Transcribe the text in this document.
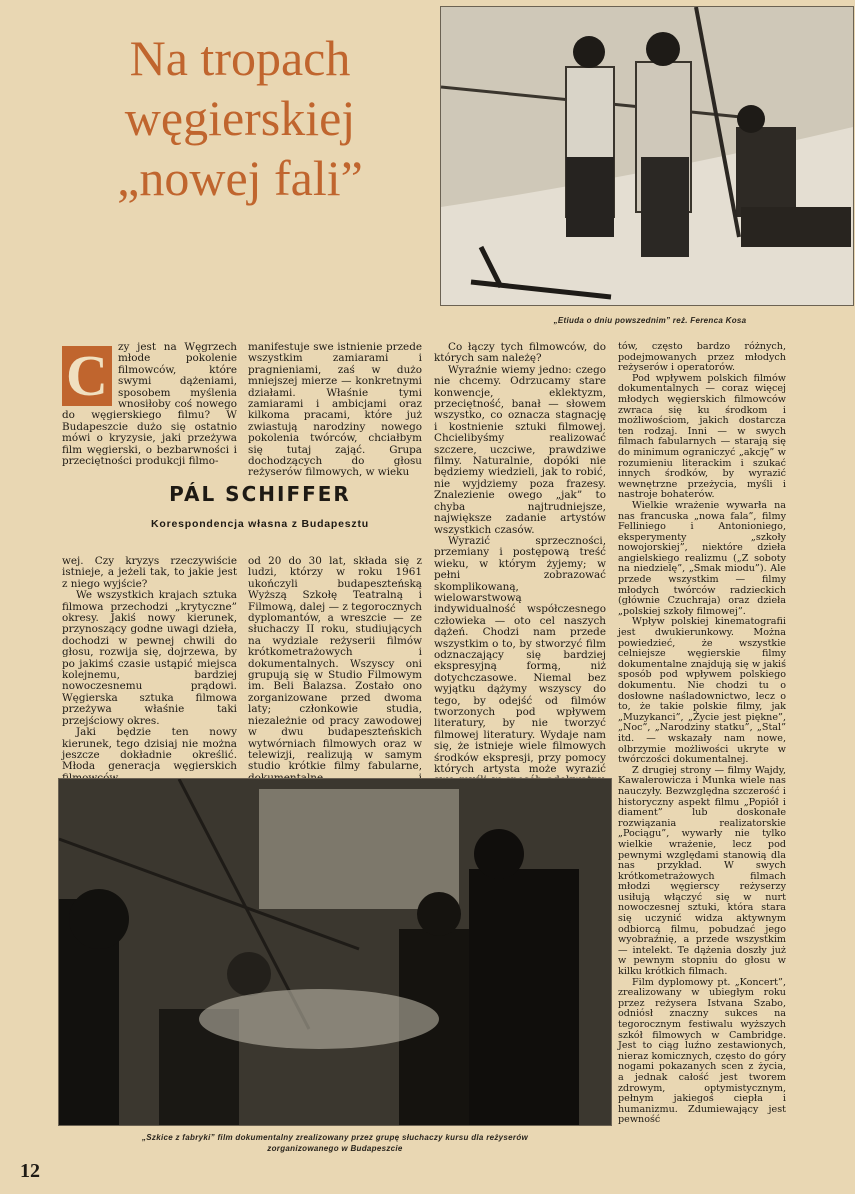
Na tropach
węgierskiej
„nowej fali”

„Etiuda o dniu powszednim” reż. Ferenca Kosa

C zy jest na Węgrzech młode pokolenie filmowców, które swymi dążeniami, sposobem myślenia wnosiłoby coś nowego do węgierskiego filmu? W Budapeszcie dużo się ostatnio mówi o kryzysie, jaki przeżywa film węgierski, o bezbarwności i przeciętności produkcji filmo-

manifestuje swe istnienie przede wszystkim zamiarami i pragnieniami, zaś w dużo mniejszej mierze — konkretnymi działami. Właśnie tymi zamiarami i ambicjami oraz kilkoma pracami, które już zwiastują narodziny nowego pokolenia twórców, chciałbym się tutaj zająć. Grupa dochodzących do głosu reżyserów filmowych, w wieku

PÁL SCHIFFER

Korespondencja własna z Budapesztu

wej. Czy kryzys rzeczywiście istnieje, a jeżeli tak, to jakie jest z niego wyjście?

We wszystkich krajach sztuka filmowa przechodzi „krytyczne” okresy. Jakiś nowy kierunek, przynoszący godne uwagi dzieła, dochodzi w pewnej chwili do głosu, rozwija się, dojrzewa, by po jakimś czasie ustąpić miejsca kolejnemu, bardziej nowoczesnemu prądowi. Węgierska sztuka filmowa przeżywa właśnie taki przejściowy okres.

Jaki będzie ten nowy kierunek, tego dzisiaj nie można jeszcze dokładnie określić. Młoda generacja węgierskich

od 20 do 30 lat, składa się z ludzi, którzy w roku 1961 ukończyli budapeszteńską Wyższą Szkołę Teatralną i Filmową, dalej — z tegorocznych dyplomantów, a wreszcie — ze słuchaczy II roku, studiujących na wydziale reżyserii filmów krótkometrażowych i dokumentalnych. Wszyscy oni grupują się w Studio Filmowym im. Beli Balazsa. Zostało ono zorganizowane przed dwoma laty; członkowie studia, niezależnie od pracy zawodowej w dwu budapeszteńskich wytwórniach filmowych oraz w telewizji, realizują w samym studio krótkie filmy fabularne,

Co łączy tych filmowców, do których sam należę?

Wyraźnie wiemy jedno: czego nie chcemy. Odrzucamy stare konwencje, eklektyzm, przeciętność, banał — słowem wszystko, co oznacza stagnację i kostnienie sztuki filmowej. Chcielibyśmy realizować szczere, uczciwe, prawdziwe filmy. Naturalnie, dopóki nie będziemy wiedzieli, jak to robić, nie wyjdziemy poza frazesy. Znalezienie owego „jak” to chyba najtrudniejsze, największe zadanie artystów wszystkich czasów.

Wyrazić sprzeczności, przemiany i postępową treść wieku, w którym żyjemy; w pełni zobrazować skomplikowaną, wielowarstwową indywidualność współczesnego człowieka — oto cel naszych dążeń. Chodzi nam przede wszystkim o to, by stworzyć film odznaczający się bardziej ekspresyjną formą, niż dotychczasowe. Niemal bez wyjątku dążymy wszyscy do tego, by odejść od filmów tworzonych pod wpływem literatury, by nie tworzyć filmowej literatury. Wydaje nam się, że istnieje wiele filmowych środków ekspresji, przy pomocy których artysta może wyrazić

tów, często bardzo różnych, podejmowanych przez młodych reżyserów i operatorów.

Pod wpływem polskich filmów dokumentalnych — coraz więcej młodych węgierskich filmowców zwraca się ku środkom i możliwościom, jakich dostarcza ten rodzaj. Inni — w swych filmach fabularnych — starają się do minimum ograniczyć „akcję” w rozumieniu literackim i szukać innych środków, by wyrazić wewnętrzne przeżycia, myśli i nastroje bohaterów.

Wielkie wrażenie wywarła na nas francuska „nowa fala”, filmy Felliniego i Antonioniego, eksperymenty „szkoły nowojorskiej”, niektóre dzieła angielskiego realizmu („Z soboty na niedzielę”, „Smak miodu”). Ale przede wszystkim — filmy młodych twórców radzieckich (głównie Czuchraja) oraz dzieła „polskiej szkoły filmowej”.

Wpływ polskiej kinematografii jest dwukierunkowy. Można powiedzieć, że wszystkie celniejsze węgierskie filmy dokumentalne znajdują się w jakiś sposób pod wpływem polskiego dokumentu. Nie chodzi tu o dosłowne naśladownictwo, lecz o to, że takie polskie filmy, jak „Muzykanci”, „Życie jest piękne”, „Noc”, „Narodziny statku”, „Stal” itd. — wskazały nam nowe, olbrzymie możliwości ukryte w twórczości dokumentalnej.

Z drugiej strony — filmy Wajdy, Kawalerowicza i Munka wiele nas nauczyły. Bezwzględna szczerość i historyczny aspekt filmu „Popiół i diament” lub doskonałe rozwiązania realizatorskie „Pociągu”, wywarły nie tylko wielkie wrażenie, lecz pod pewnymi względami stanowią dla nas przykład. W swych krótkometrażowych filmach młodzi węgierscy reżyserzy usiłują włączyć się w nurt nowoczesnej sztuki, która stara się uczynić widza aktywnym odbiorcą filmu, pobudzać jego wyobraźnię, a przede wszystkim — intelekt. Te dążenia doszły już w pewnym stopniu do głosu w kilku krótkich filmach.

Film dyplomowy pt. „Koncert”, zrealizowany w ubiegłym roku przez reżysera Istvana Szabo, odniósł znaczny sukces na tegorocznym festiwalu wyższych szkół filmowych w Cambridge. Jest to ciąg luźno zestawionych, nieraz komicznych, często do góry nogami pokazanych scen z życia, a jednak całość jest tworem zdrowym, optymistycznym, pełnym jakiegoś ciepła i humanizmu. Zdumiewający jest pewność

„Szkice z fabryki” film dokumentalny zrealizowany przez grupę słuchaczy kursu dla reżyserów zorganizowanego w Budapeszcie

12
